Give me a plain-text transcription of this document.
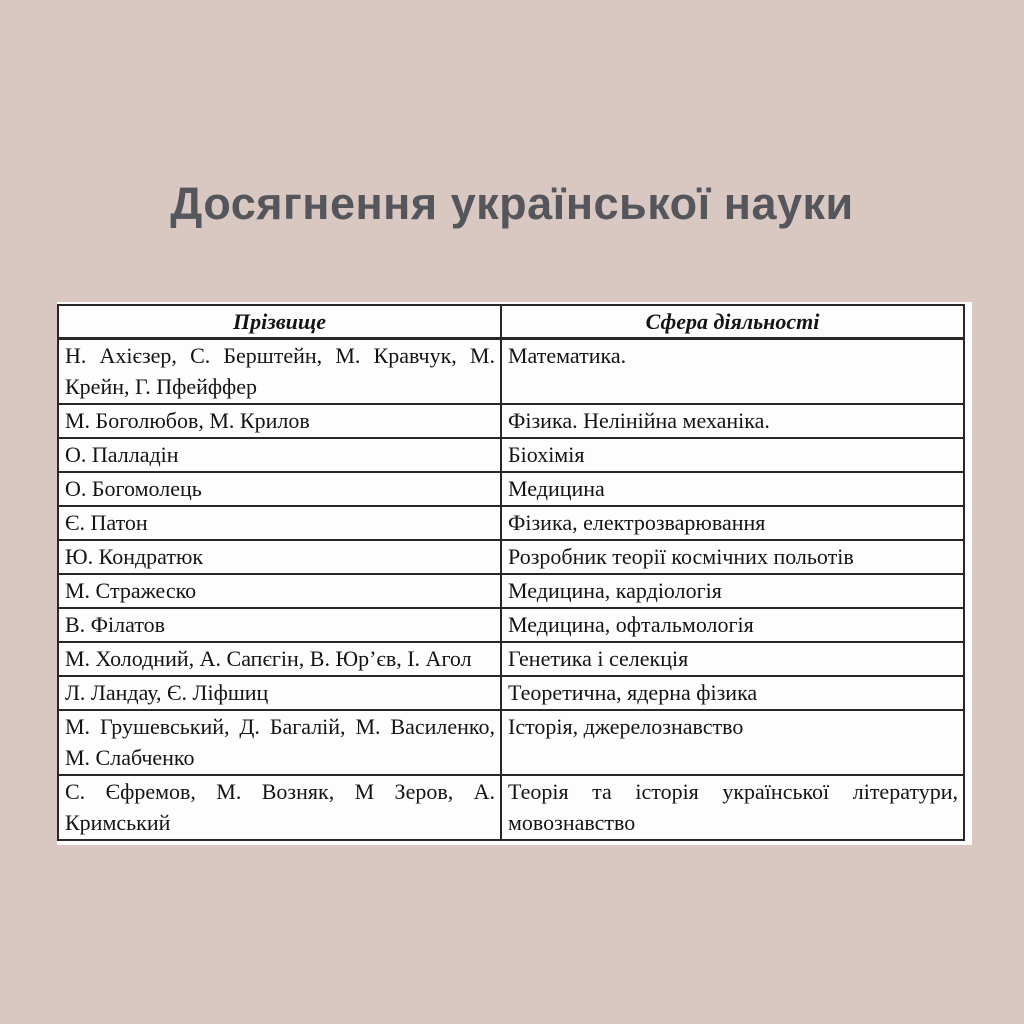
Досягнення української науки
Прізвище	Сфера діяльності
Н. Ахієзер, С. Берштейн, М. Кравчук, М. Крейн, Г. Пфейффер	Математика.
М. Боголюбов, М. Крилов	Фізика. Нелінійна механіка.
О. Палладін	Біохімія
О. Богомолець	Медицина
Є. Патон	Фізика, електрозварювання
Ю. Кондратюк	Розробник теорії космічних польотів
М. Стражеско	Медицина, кардіологія
В. Філатов	Медицина, офтальмологія
М. Холодний, А. Сапєгін, В. Юр’єв, І. Агол	Генетика і селекція
Л. Ландау, Є. Ліфшиц	Теоретична, ядерна фізика
М. Грушевський, Д. Багалій, М. Василенко, М. Слабченко	Історія, джерелознавство
С. Єфремов, М. Возняк, М Зеров, А. Кримський	Теорія та історія української літератури, мовознавство
